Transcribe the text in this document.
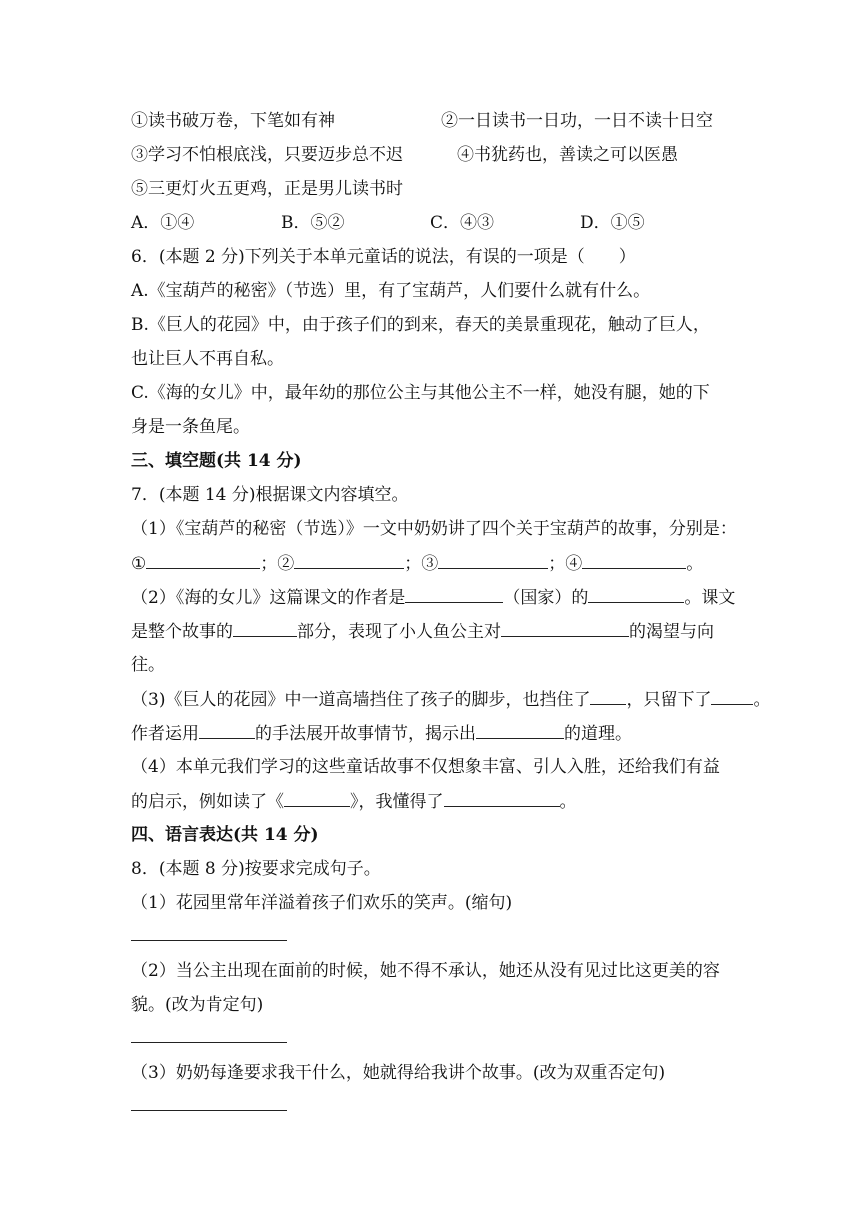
①读书破万卷，下笔如有神	②一日读书一日功，一日不读十日空
③学习不怕根底浅，只要迈步总不迟	④书犹药也，善读之可以医愚
⑤三更灯火五更鸡，正是男儿读书时
A．①④	B．⑤②	C．④③	D．①⑤
6．(本题 2 分)下列关于本单元童话的说法，有误的一项是（　　）
A.《宝葫芦的秘密》（节选）里，有了宝葫芦，人们要什么就有什么。
B.《巨人的花园》中，由于孩子们的到来，春天的美景重现花，触动了巨人，
也让巨人不再自私。
C.《海的女儿》中，最年幼的那位公主与其他公主不一样，她没有腿，她的下
身是一条鱼尾。
三、填空题(共 14 分)
7．(本题 14 分)根据课文内容填空。
（1）《宝葫芦的秘密（节选）》一文中奶奶讲了四个关于宝葫芦的故事，分别是：
①	；②	；③	；④	。
（2）《海的女儿》这篇课文的作者是	（国家）的	。课文
是整个故事的	部分，表现了小人鱼公主对	的渴望与向
往。
（3)《巨人的花园》中一道高墙挡住了孩子的脚步，也挡住了 ，只留下了 。
作者运用	的手法展开故事情节，揭示出	的道理。
（4）本单元我们学习的这些童话故事不仅想象丰富、引人入胜，还给我们有益
的启示，例如读了《	》，我懂得了	。
四、语言表达(共 14 分)
8．(本题 8 分)按要求完成句子。
（1）花园里常年洋溢着孩子们欢乐的笑声。(缩句)
（2）当公主出现在面前的时候，她不得不承认，她还从没有见过比这更美的容
貌。(改为肯定句)
（3）奶奶每逢要求我干什么，她就得给我讲个故事。(改为双重否定句)
